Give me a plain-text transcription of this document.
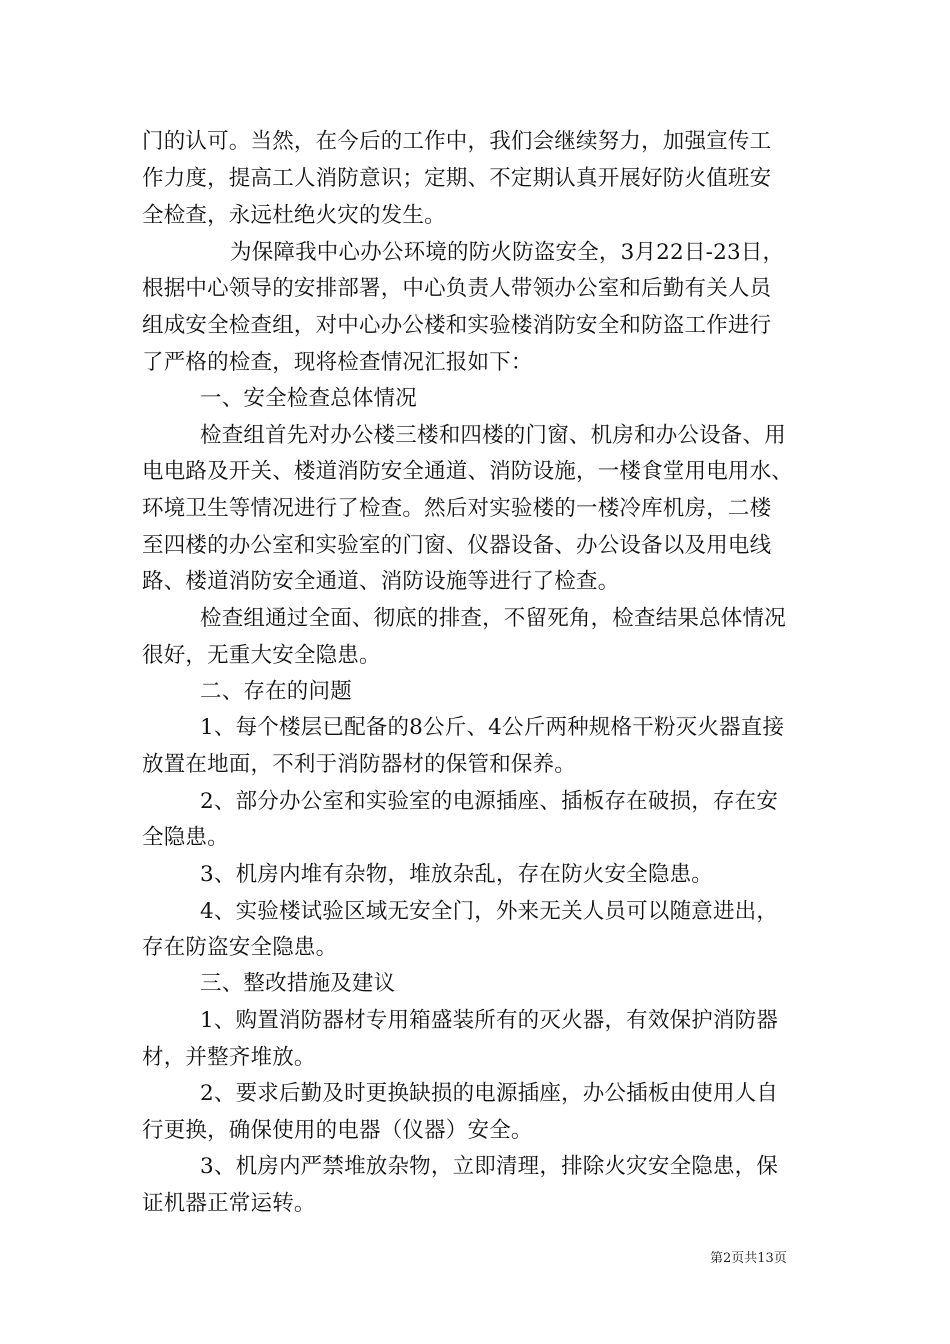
门的认可。当然，在今后的工作中，我们会继续努力，加强宣传工
作力度，提高工人消防意识；定期、不定期认真开展好防火值班安
全检查，永远杜绝火灾的发生。
为保障我中心办公环境的防火防盗安全，3月22日-23日，
根据中心领导的安排部署，中心负责人带领办公室和后勤有关人员
组成安全检查组，对中心办公楼和实验楼消防安全和防盗工作进行
了严格的检查，现将检查情况汇报如下：
一、安全检查总体情况
检查组首先对办公楼三楼和四楼的门窗、机房和办公设备、用
电电路及开关、楼道消防安全通道、消防设施，一楼食堂用电用水、
环境卫生等情况进行了检查。然后对实验楼的一楼冷库机房，二楼
至四楼的办公室和实验室的门窗、仪器设备、办公设备以及用电线
路、楼道消防安全通道、消防设施等进行了检查。
检查组通过全面、彻底的排查，不留死角，检查结果总体情况
很好，无重大安全隐患。
二、存在的问题
1、每个楼层已配备的8公斤、4公斤两种规格干粉灭火器直接
放置在地面，不利于消防器材的保管和保养。
2、部分办公室和实验室的电源插座、插板存在破损，存在安
全隐患。
3、机房内堆有杂物，堆放杂乱，存在防火安全隐患。
4、实验楼试验区域无安全门，外来无关人员可以随意进出，
存在防盗安全隐患。
三、整改措施及建议
1、购置消防器材专用箱盛装所有的灭火器，有效保护消防器
材，并整齐堆放。
2、要求后勤及时更换缺损的电源插座，办公插板由使用人自
行更换，确保使用的电器（仪器）安全。
3、机房内严禁堆放杂物，立即清理，排除火灾安全隐患，保
证机器正常运转。
第2页共13页
